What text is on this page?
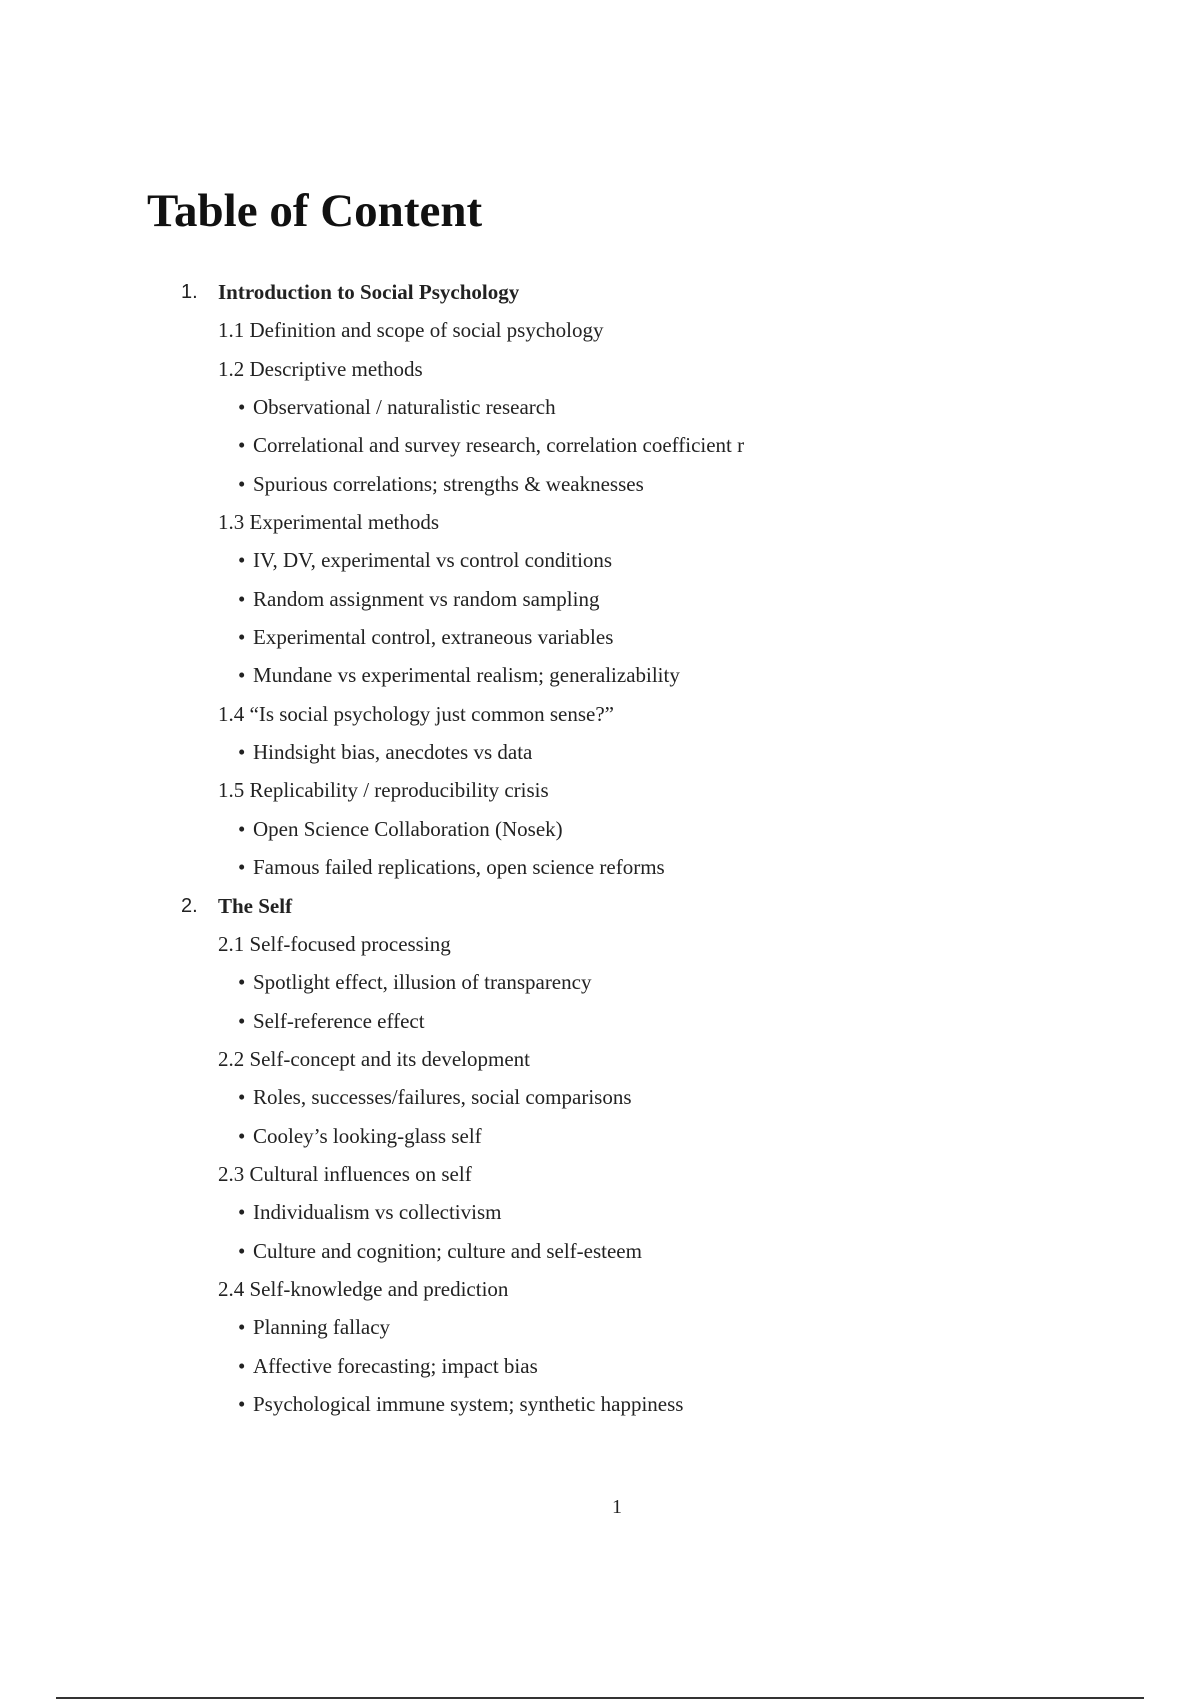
Table of Content
1. Introduction to Social Psychology
1.1 Definition and scope of social psychology
1.2 Descriptive methods
• Observational / naturalistic research
• Correlational and survey research, correlation coefficient r
• Spurious correlations; strengths & weaknesses
1.3 Experimental methods
• IV, DV, experimental vs control conditions
• Random assignment vs random sampling
• Experimental control, extraneous variables
• Mundane vs experimental realism; generalizability
1.4 “Is social psychology just common sense?”
• Hindsight bias, anecdotes vs data
1.5 Replicability / reproducibility crisis
• Open Science Collaboration (Nosek)
• Famous failed replications, open science reforms
2. The Self
2.1 Self-focused processing
• Spotlight effect, illusion of transparency
• Self-reference effect
2.2 Self-concept and its development
• Roles, successes/failures, social comparisons
• Cooley’s looking-glass self
2.3 Cultural influences on self
• Individualism vs collectivism
• Culture and cognition; culture and self-esteem
2.4 Self-knowledge and prediction
• Planning fallacy
• Affective forecasting; impact bias
• Psychological immune system; synthetic happiness
1
